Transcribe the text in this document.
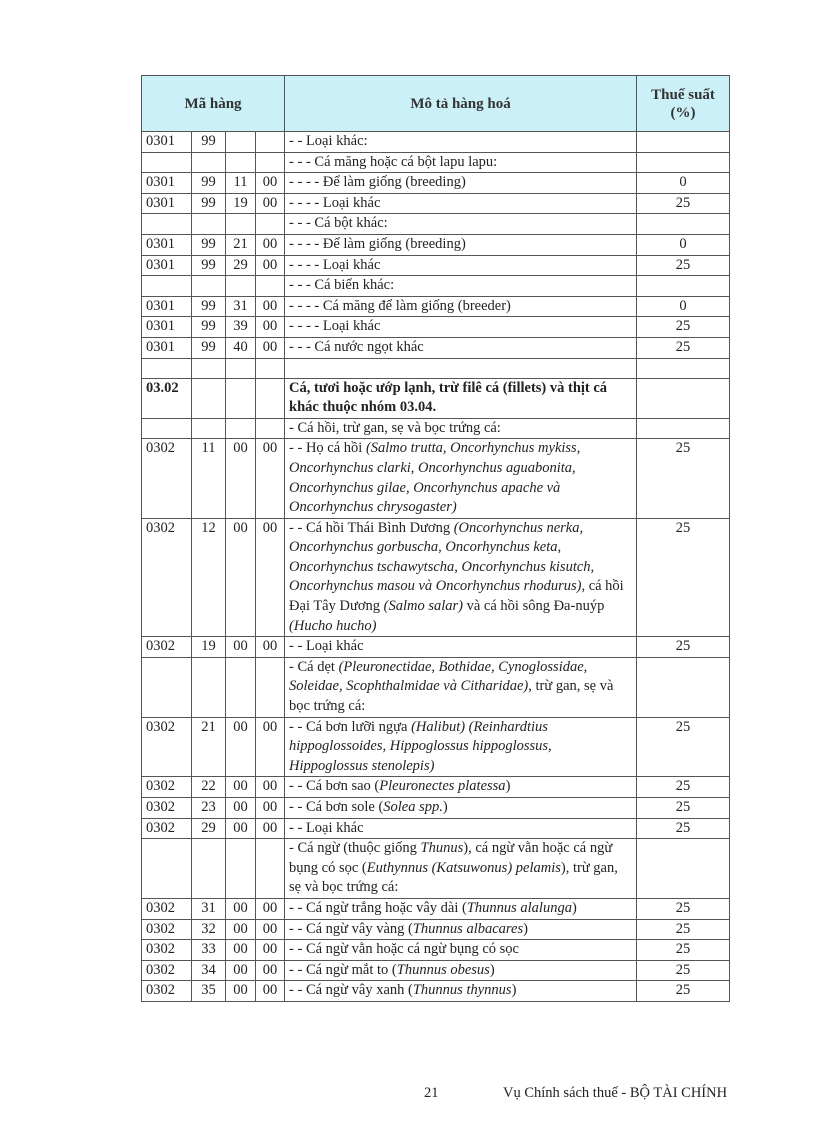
Mã hàng				Mô tả hàng hoá	Thuế suất
(%)
0301	99			- - Loại khác:	
				- - - Cá măng hoặc cá bột lapu lapu:	
0301	99	11	00	- - - - Để làm giống (breeding)	0
0301	99	19	00	- - - - Loại khác	25
				- - - Cá bột khác:	
0301	99	21	00	- - - - Để làm giống (breeding)	0
0301	99	29	00	- - - - Loại khác	25
				- - - Cá biển khác:	
0301	99	31	00	- - - - Cá măng để làm giống (breeder)	0
0301	99	39	00	- - - - Loại khác	25
0301	99	40	00	- - - Cá nước ngọt khác	25

03.02				Cá, tươi hoặc ướp lạnh, trừ filê cá (fillets) và thịt cá khác thuộc nhóm 03.04.	
				- Cá hồi, trừ gan, sẹ và bọc trứng cá:	
0302	11	00	00	- - Họ cá hồi (Salmo trutta, Oncorhynchus mykiss, Oncorhynchus clarki, Oncorhynchus aguabonita, Oncorhynchus gilae, Oncorhynchus apache và Oncorhynchus chrysogaster)	25
0302	12	00	00	- - Cá hồi Thái Bình Dương (Oncorhynchus nerka, Oncorhynchus gorbuscha, Oncorhynchus keta, Oncorhynchus tschawytscha, Oncorhynchus kisutch, Oncorhynchus masou và Oncorhynchus rhodurus), cá hồi Đại Tây Dương (Salmo salar) và cá hồi sông Đa-nuýp (Hucho hucho)	25
0302	19	00	00	- - Loại khác	25
				- Cá dẹt (Pleuronectidae, Bothidae, Cynoglossidae, Soleidae, Scophthalmidae và Citharidae), trừ gan, sẹ và bọc trứng cá:	
0302	21	00	00	- - Cá bơn lưỡi ngựa (Halibut) (Reinhardtius hippoglossoides, Hippoglossus hippoglossus, Hippoglossus stenolepis)	25
0302	22	00	00	- - Cá bơn sao (Pleuronectes platessa)	25
0302	23	00	00	- - Cá bơn sole (Solea spp.)	25
0302	29	00	00	- - Loại khác	25
				- Cá ngừ (thuộc giống Thunus), cá ngừ vằn hoặc cá ngừ bụng có sọc (Euthynnus (Katsuwonus) pelamis), trừ gan, sẹ và bọc trứng cá:	
0302	31	00	00	- - Cá ngừ trắng hoặc vây dài (Thunnus alalunga)	25
0302	32	00	00	- - Cá ngừ vây vàng (Thunnus albacares)	25
0302	33	00	00	- - Cá ngừ vằn hoặc cá ngừ bụng có sọc	25
0302	34	00	00	- - Cá ngừ mắt to (Thunnus obesus)	25
0302	35	00	00	- - Cá ngừ vây xanh (Thunnus thynnus)	25
21	Vụ Chính sách thuế - BỘ TÀI CHÍNH
